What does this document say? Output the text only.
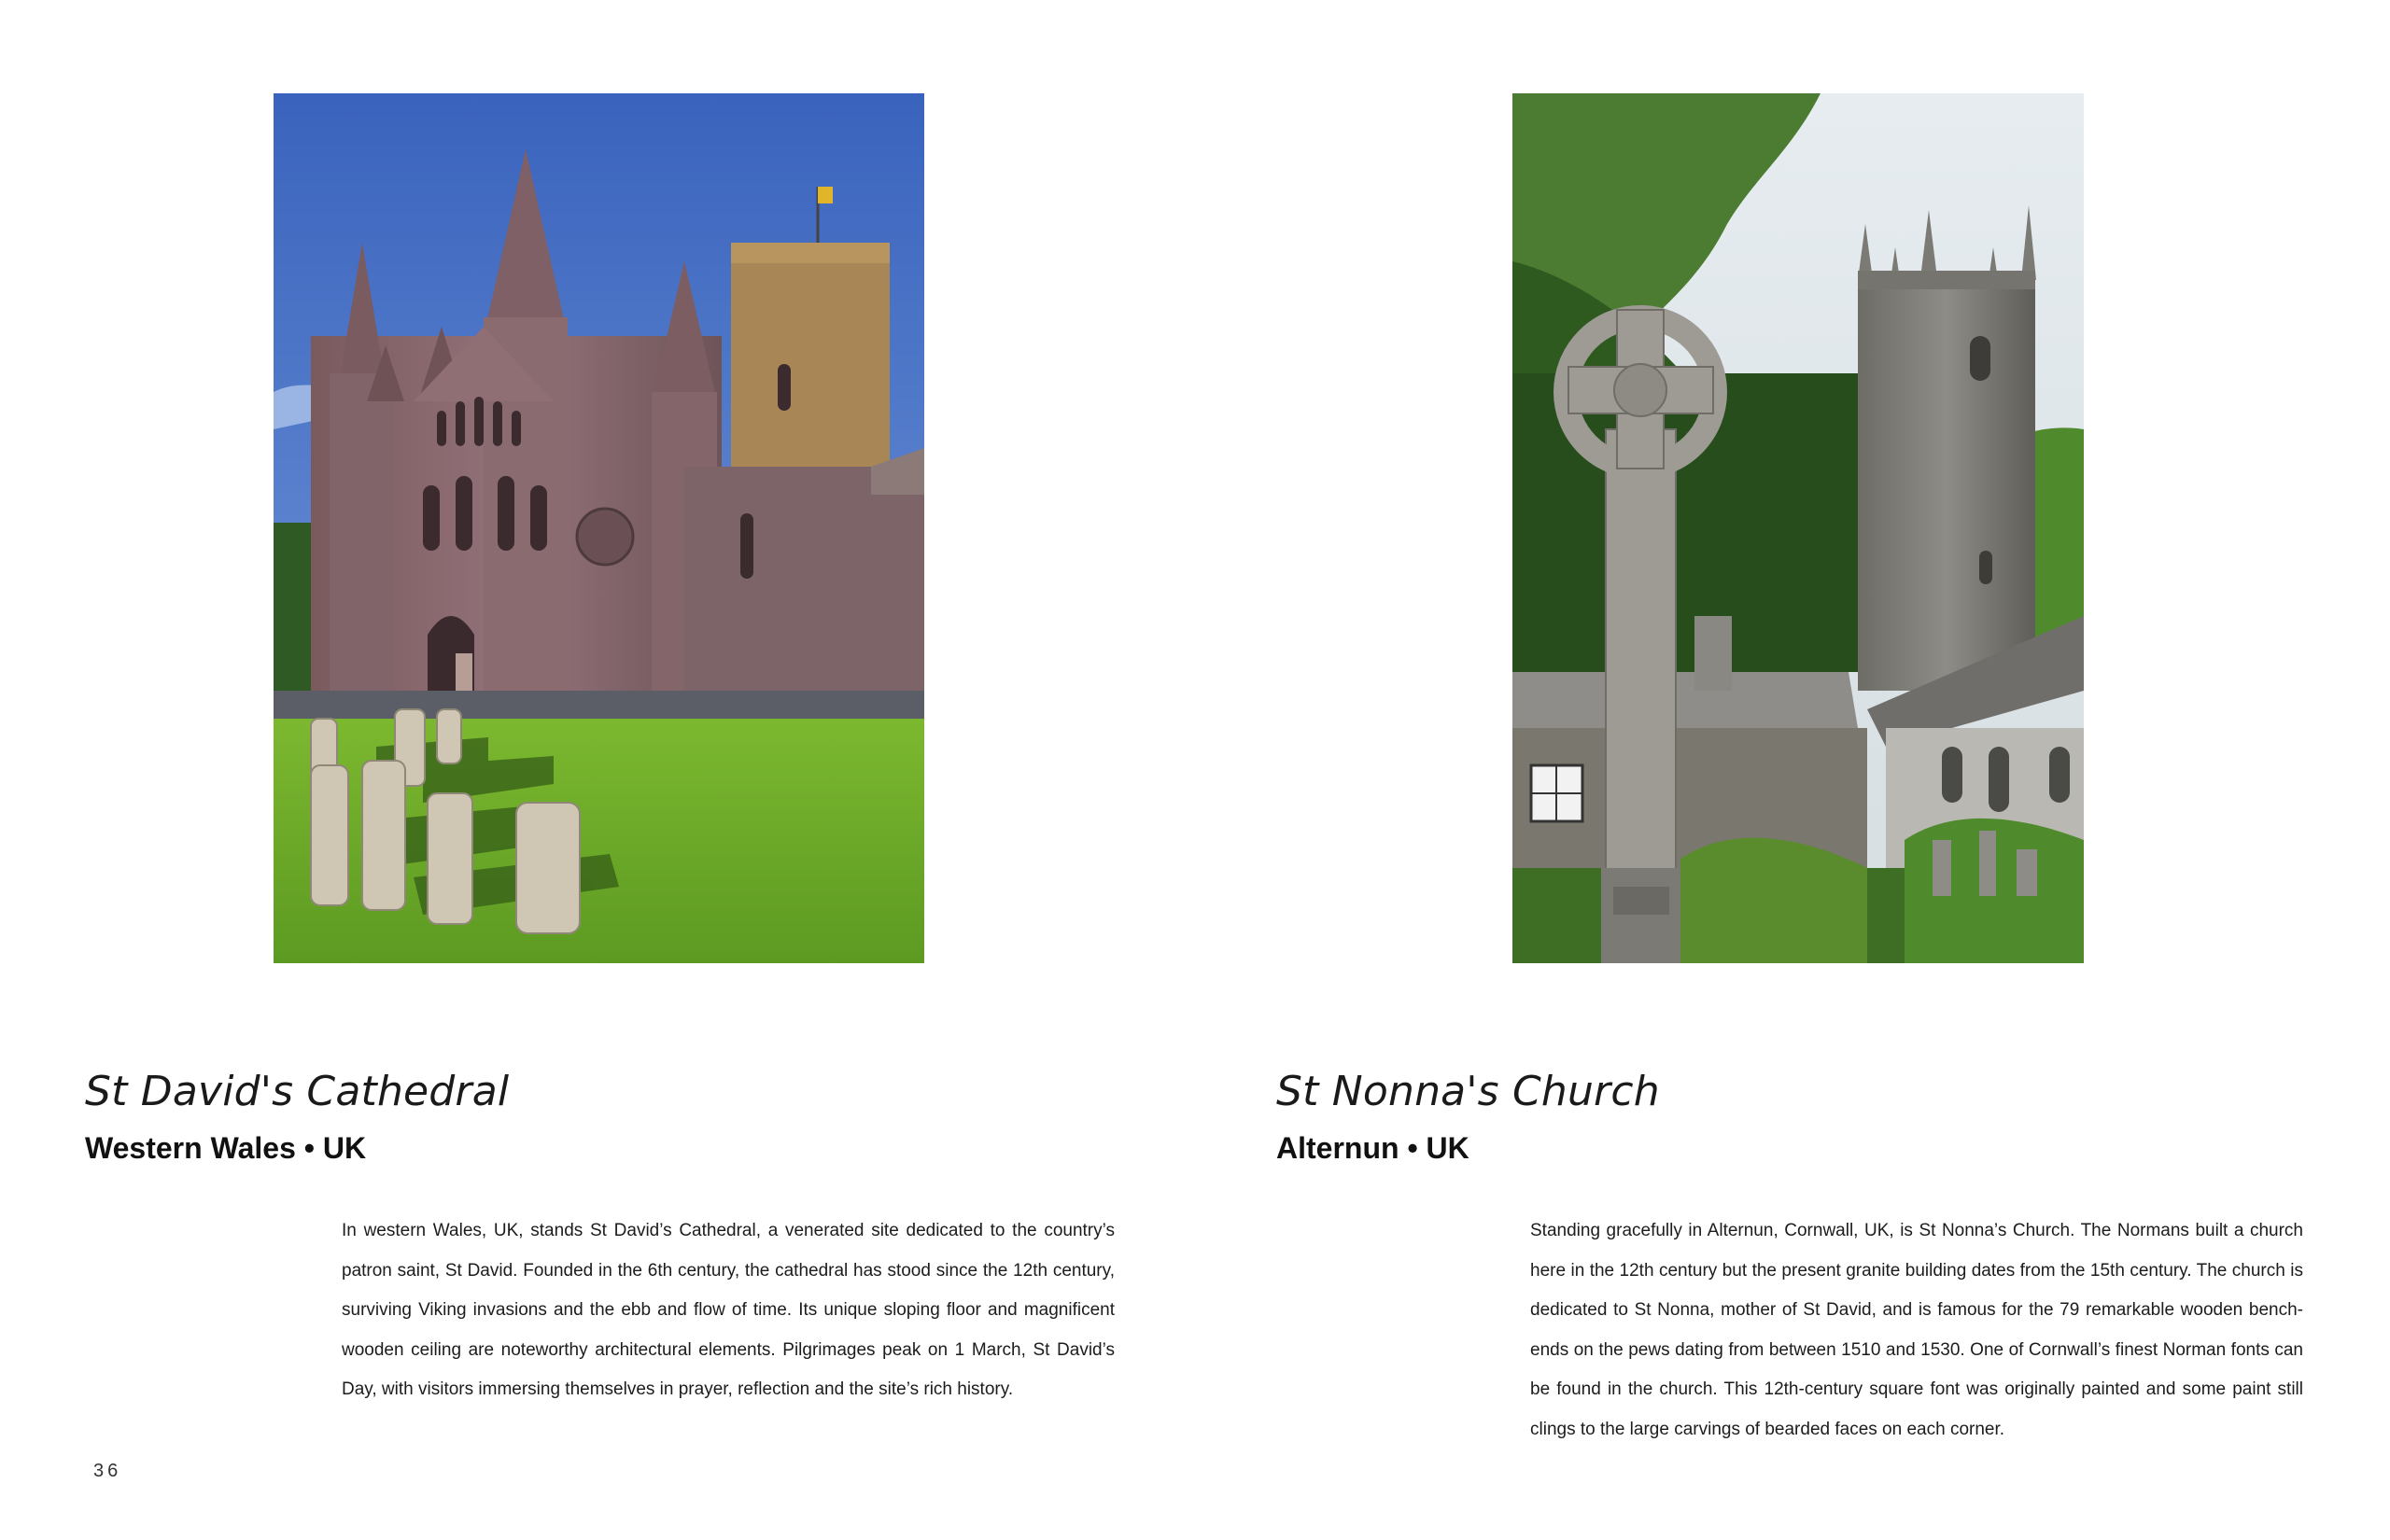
St David's Cathedral
Western Wales • UK
In western Wales, UK, stands St David’s Cathedral, a venerated site dedicated to the country’s patron saint, St David. Founded in the 6th century, the cathedral has stood since the 12th century, surviving Viking invasions and the ebb and flow of time. Its unique sloping floor and magnificent wooden ceiling are noteworthy architectural elements. Pilgrimages peak on 1 March, St David’s Day, with visitors immersing themselves in prayer, reflection and the site’s rich history.
St Nonna's Church
Alternun • UK
Standing gracefully in Alternun, Cornwall, UK, is St Nonna’s Church. The Normans built a church here in the 12th century but the present granite building dates from the 15th century. The church is dedicated to St Nonna, mother of St David, and is famous for the 79 remarkable wooden bench-ends on the pews dating from between 1510 and 1530. One of Cornwall’s finest Norman fonts can be found in the church. This 12th-century square font was originally painted and some paint still clings to the large carvings of bearded faces on each corner.
36
